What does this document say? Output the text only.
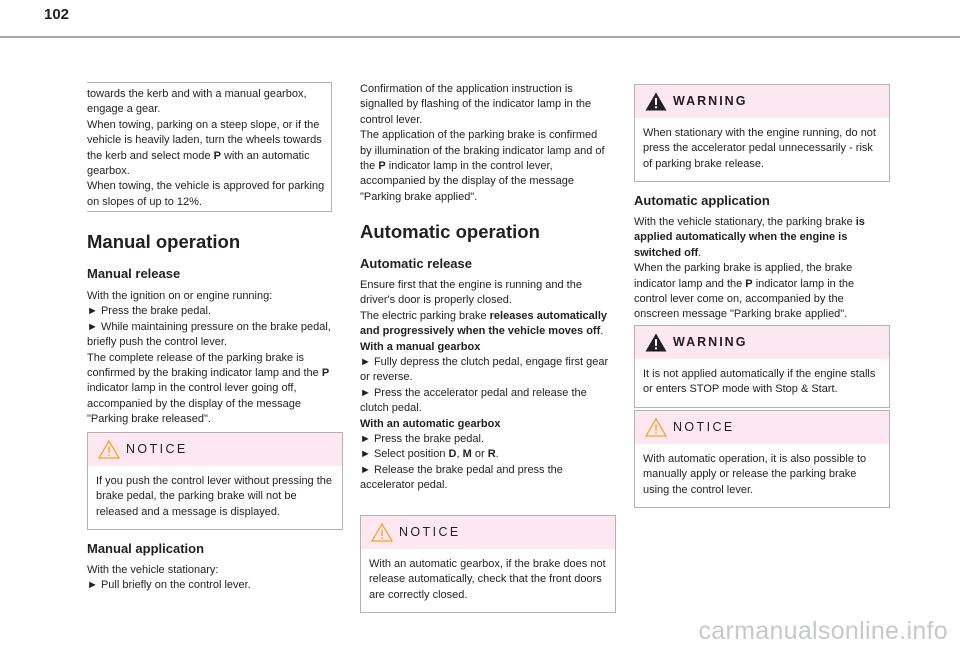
102

towards the kerb and with a manual gearbox, engage a gear.
When towing, parking on a steep slope, or if the vehicle is heavily laden, turn the wheels towards the kerb and select mode P with an automatic gearbox.
When towing, the vehicle is approved for parking on slopes of up to 12%.

Manual operation
Manual release

With the ignition on or engine running:
► Press the brake pedal.
► While maintaining pressure on the brake pedal, briefly push the control lever.
The complete release of the parking brake is confirmed by the braking indicator lamp and the P indicator lamp in the control lever going off, accompanied by the display of the message "Parking brake released".

NOTICE
If you push the control lever without pressing the brake pedal, the parking brake will not be released and a message is displayed.
Manual application

With the vehicle stationary:
► Pull briefly on the control lever.

Confirmation of the application instruction is signalled by flashing of the indicator lamp in the control lever.
The application of the parking brake is confirmed by illumination of the braking indicator lamp and of the P indicator lamp in the control lever, accompanied by the display of the message "Parking brake applied".

Automatic operation
Automatic release

Ensure first that the engine is running and the driver's door is properly closed.
The electric parking brake releases automatically and progressively when the vehicle moves off.
With a manual gearbox
► Fully depress the clutch pedal, engage first gear or reverse.
► Press the accelerator pedal and release the clutch pedal.
With an automatic gearbox
► Press the brake pedal.
► Select position D, M or R.
► Release the brake pedal and press the accelerator pedal.

NOTICE
With an automatic gearbox, if the brake does not release automatically, check that the front doors are correctly closed.
WARNING
When stationary with the engine running, do not press the accelerator pedal unnecessarily - risk of parking brake release.
Automatic application

With the vehicle stationary, the parking brake is applied automatically when the engine is switched off.
When the parking brake is applied, the brake indicator lamp and the P indicator lamp in the control lever come on, accompanied by the onscreen message "Parking brake applied".

WARNING
It is not applied automatically if the engine stalls or enters STOP mode with Stop & Start.
NOTICE
With automatic operation, it is also possible to manually apply or release the parking brake using the control lever.
carmanualsonline.info
